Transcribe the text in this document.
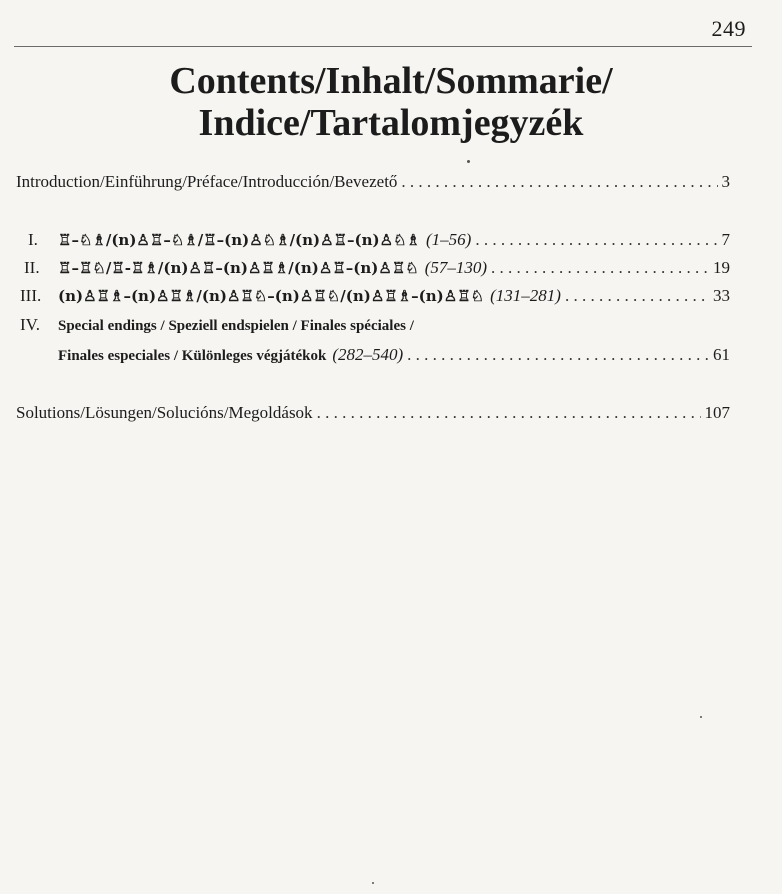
249
Contents/Inhalt/Sommarie/
Indice/Tartalomjegyzék
Introduction/Einführung/Préface/Introducción/Bevezető . . .	3
I.	♖–♘♗/(n)♙♖–♘♗/♖–(n)♙♘♗/(n)♙♖–(n)♙♘♗ (1–56) . . .	7
II.	♖–♖♘/♖-♖♗/(n)♙♖–(n)♙♖♗/(n)♙♖–(n)♙♖♘ (57–130) . . .	19
III.	(n)♙♖♗–(n)♙♖♗/(n)♙♖♘–(n)♙♖♘/(n)♙♖♗–(n)♙♖♘ (131–281) . . .	33
IV.	Special endings / Speziell endspielen / Finales spéciales /
Finales especiales / Különleges végjátékok (282–540) . . .	61
Solutions/Lösungen/Solucións/Megoldások . . .	107
